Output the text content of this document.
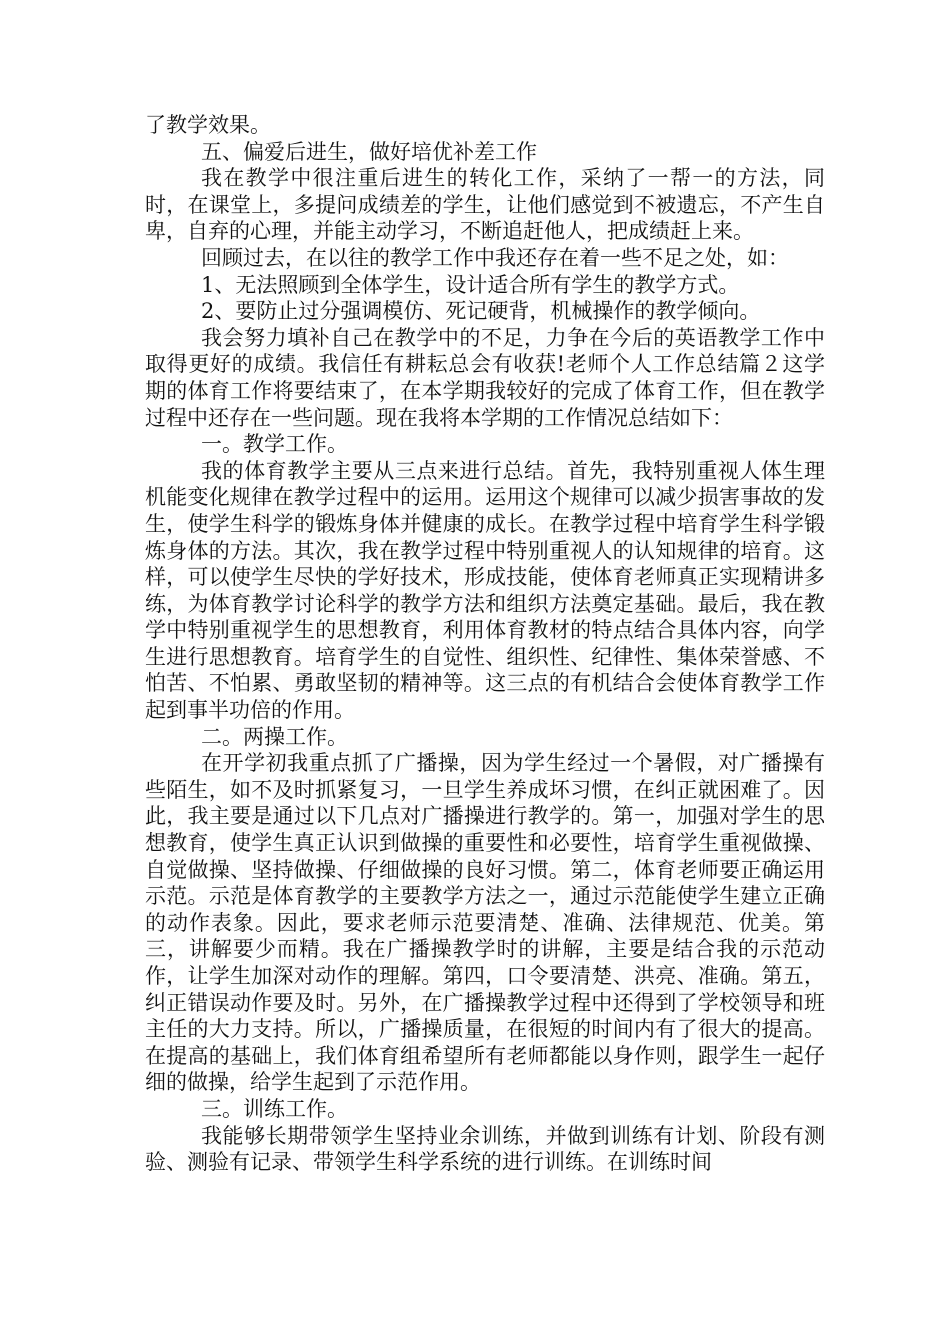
了教学效果。

五、偏爱后进生，做好培优补差工作

我在教学中很注重后进生的转化工作，采纳了一帮一的方法，同时，在课堂上，多提问成绩差的学生，让他们感觉到不被遗忘，不产生自卑，自弃的心理，并能主动学习，不断追赶他人，把成绩赶上来。

回顾过去，在以往的教学工作中我还存在着一些不足之处，如：

1、无法照顾到全体学生，设计适合所有学生的教学方式。

2、要防止过分强调模仿、死记硬背，机械操作的教学倾向。

我会努力填补自己在教学中的不足，力争在今后的英语教学工作中取得更好的成绩。我信任有耕耘总会有收获!老师个人工作总结篇２这学期的体育工作将要结束了，在本学期我较好的完成了体育工作，但在教学过程中还存在一些问题。现在我将本学期的工作情况总结如下：

一。教学工作。

我的体育教学主要从三点来进行总结。首先，我特别重视人体生理机能变化规律在教学过程中的运用。运用这个规律可以减少损害事故的发生，使学生科学的锻炼身体并健康的成长。在教学过程中培育学生科学锻炼身体的方法。其次，我在教学过程中特别重视人的认知规律的培育。这样，可以使学生尽快的学好技术，形成技能，使体育老师真正实现精讲多练，为体育教学讨论科学的教学方法和组织方法奠定基础。最后，我在教学中特别重视学生的思想教育，利用体育教材的特点结合具体内容，向学生进行思想教育。培育学生的自觉性、组织性、纪律性、集体荣誉感、不怕苦、不怕累、勇敢坚韧的精神等。这三点的有机结合会使体育教学工作起到事半功倍的作用。

二。两操工作。

在开学初我重点抓了广播操，因为学生经过一个暑假，对广播操有些陌生，如不及时抓紧复习，一旦学生养成坏习惯，在纠正就困难了。因此，我主要是通过以下几点对广播操进行教学的。第一，加强对学生的思想教育，使学生真正认识到做操的重要性和必要性，培育学生重视做操、自觉做操、坚持做操、仔细做操的良好习惯。第二，体育老师要正确运用示范。示范是体育教学的主要教学方法之一，通过示范能使学生建立正确的动作表象。因此，要求老师示范要清楚、准确、法律规范、优美。第三，讲解要少而精。我在广播操教学时的讲解，主要是结合我的示范动作，让学生加深对动作的理解。第四，口令要清楚、洪亮、准确。第五，纠正错误动作要及时。另外，在广播操教学过程中还得到了学校领导和班主任的大力支持。所以，广播操质量，在很短的时间内有了很大的提高。在提高的基础上，我们体育组希望所有老师都能以身作则，跟学生一起仔细的做操，给学生起到了示范作用。

三。训练工作。

我能够长期带领学生坚持业余训练，并做到训练有计划、阶段有测验、测验有记录、带领学生科学系统的进行训练。在训练时间
